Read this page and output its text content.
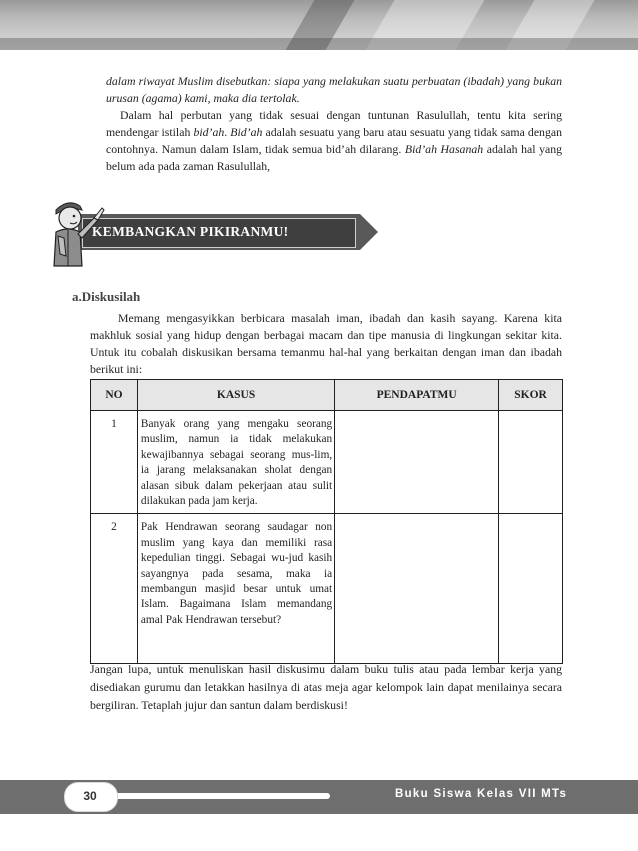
dalam riwayat Muslim disebutkan: siapa yang melakukan suatu perbuatan (ibadah) yang bukan urusan (agama) kami, maka dia tertolak.

Dalam hal perbutan yang tidak sesuai dengan tuntunan Rasulullah, tentu kita sering mendengar istilah bid’ah. Bid’ah adalah sesuatu yang baru atau sesuatu yang tidak sama dengan contohnya. Namun dalam Islam, tidak semua bid’ah dilarang. Bid’ah Hasanah adalah hal yang belum ada pada zaman Rasulullah,

KEMBANGKAN PIKIRANMU!
a.Diskusilah

Memang mengasyikkan berbicara masalah iman, ibadah dan kasih sayang. Karena kita makhluk sosial yang hidup dengan berbagai macam dan tipe manusia di lingkungan sekitar kita. Untuk itu cobalah diskusikan bersama temanmu hal-hal yang berkaitan dengan iman dan ibadah berikut ini:

NO	KASUS	PENDAPATMU	SKOR
1	Banyak orang yang mengaku seorang muslim, namun ia tidak melakukan kewajibannya sebagai seorang mus-lim, ia jarang melaksanakan sholat dengan alasan sibuk dalam pekerjaan atau sulit dilakukan pada jam kerja.		
2	Pak Hendrawan seorang saudagar non muslim yang kaya dan memiliki rasa kepedulian tinggi. Sebagai wu-jud kasih sayangnya pada sesama, maka ia membangun masjid besar untuk umat Islam. Bagaimana Islam memandang amal Pak Hendrawan tersebut?		

Jangan lupa, untuk menuliskan hasil diskusimu dalam buku tulis atau pada lembar kerja yang disediakan gurumu dan letakkan hasilnya di atas meja agar kelompok lain dapat menilainya secara bergiliran. Tetaplah jujur dan santun dalam berdiskusi!

30	Buku Siswa Kelas VII MTs
